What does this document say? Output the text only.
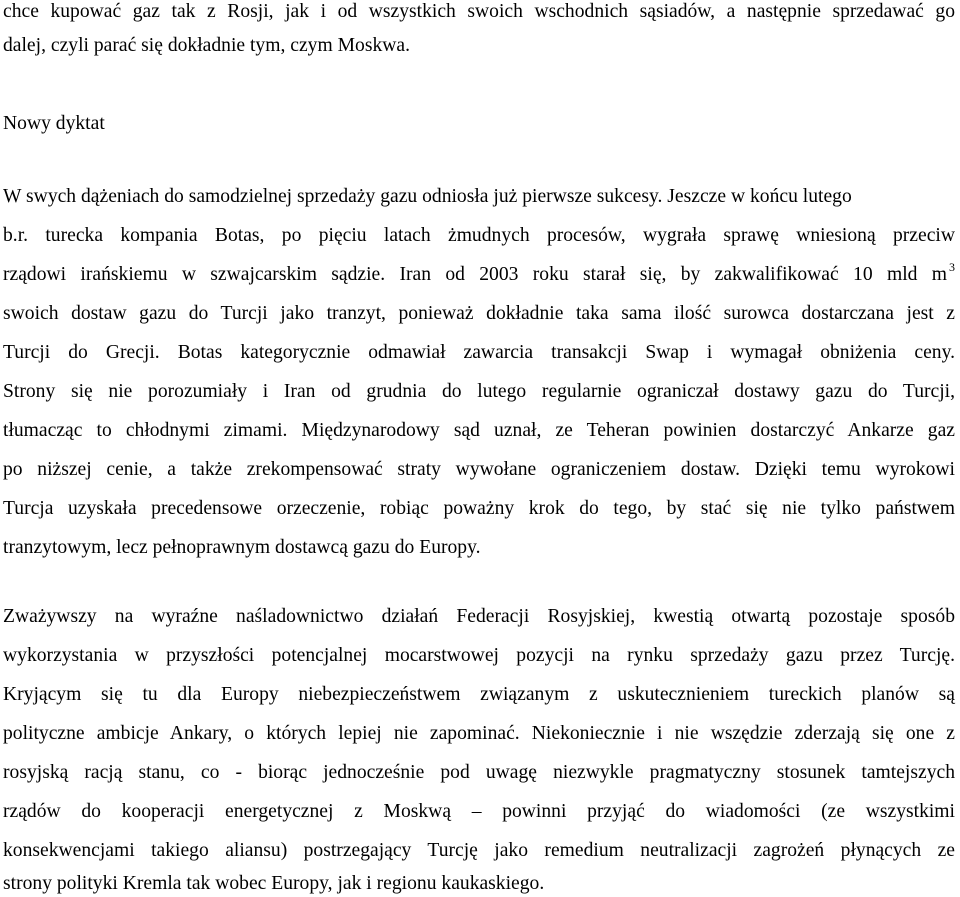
chce kupować gaz tak z Rosji, jak i od wszystkich swoich wschodnich sąsiadów, a następnie sprzedawać go
dalej, czyli parać się dokładnie tym, czym Moskwa.
Nowy dyktat
W swych dążeniach do samodzielnej sprzedaży gazu odniosła już pierwsze sukcesy. Jeszcze w końcu lutego
b.r. turecka kompania Botas, po pięciu latach żmudnych procesów, wygrała sprawę wniesioną przeciw
rządowi irańskiemu w szwajcarskim sądzie. Iran od 2003 roku starał się, by zakwalifikować 10 mld m $^3$
swoich dostaw gazu do Turcji jako tranzyt, ponieważ dokładnie taka sama ilość surowca dostarczana jest z
Turcji do Grecji. Botas kategorycznie odmawiał zawarcia transakcji Swap i wymagał obniżenia ceny.
Strony się nie porozumiały i Iran od grudnia do lutego regularnie ograniczał dostawy gazu do Turcji,
tłumacząc to chłodnymi zimami. Międzynarodowy sąd uznał, ze Teheran powinien dostarczyć Ankarze gaz
po niższej cenie, a także zrekompensować straty wywołane ograniczeniem dostaw. Dzięki temu wyrokowi
Turcja uzyskała precedensowe orzeczenie, robiąc poważny krok do tego, by stać się nie tylko państwem
tranzytowym, lecz pełnoprawnym dostawcą gazu do Europy.
Zważywszy na wyraźne naśladownictwo działań Federacji Rosyjskiej, kwestią otwartą pozostaje sposób
wykorzystania w przyszłości potencjalnej mocarstwowej pozycji na rynku sprzedaży gazu przez Turcję.
Kryjącym się tu dla Europy niebezpieczeństwem związanym z uskutecznieniem tureckich planów są
polityczne ambicje Ankary, o których lepiej nie zapominać. Niekoniecznie i nie wszędzie zderzają się one z
rosyjską racją stanu, co - biorąc jednocześnie pod uwagę niezwykle pragmatyczny stosunek tamtejszych
rządów do kooperacji energetycznej z Moskwą – powinni przyjąć do wiadomości (ze wszystkimi
konsekwencjami takiego aliansu) postrzegający Turcję jako remedium neutralizacji zagrożeń płynących ze
strony polityki Kremla tak wobec Europy, jak i regionu kaukaskiego.
